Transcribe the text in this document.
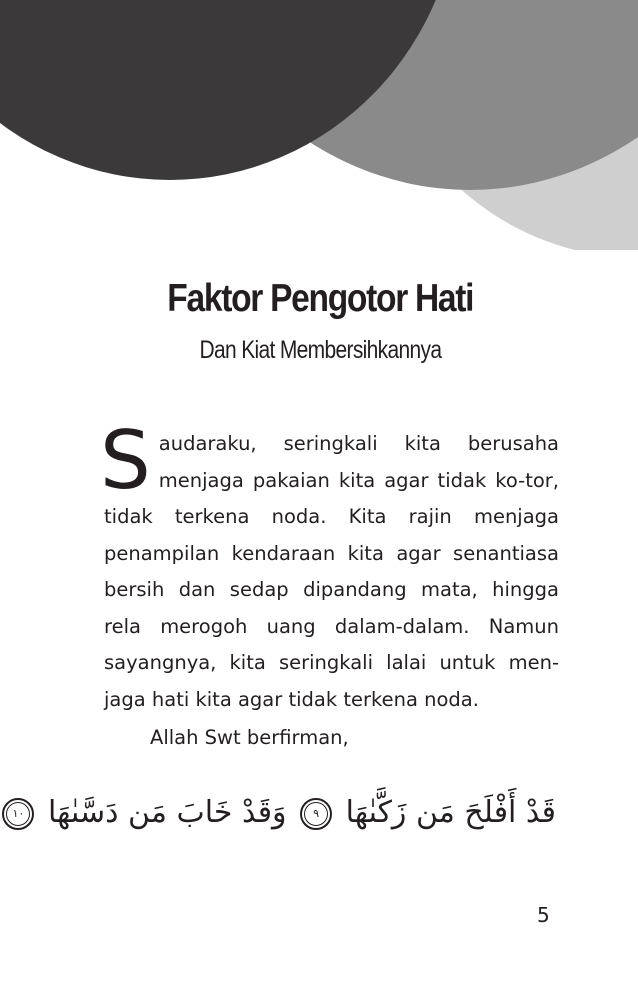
Faktor Pengotor Hati
Dan Kiat Membersihkannya

Saudaraku, seringkali kita berusaha menjaga pakaian kita agar tidak ko-tor, tidak terkena noda. Kita rajin menjaga penampilan kendaraan kita agar senantiasa bersih dan sedap dipandang mata, hingga rela merogoh uang dalam-dalam. Namun sayangnya, kita seringkali lalai untuk men-jaga hati kita agar tidak terkena noda.

Allah Swt berfirman,

قَدْ أَفْلَحَ مَن زَكَّىٰهَا ٩ وَقَدْ خَابَ مَن دَسَّىٰهَا ١٠

5
